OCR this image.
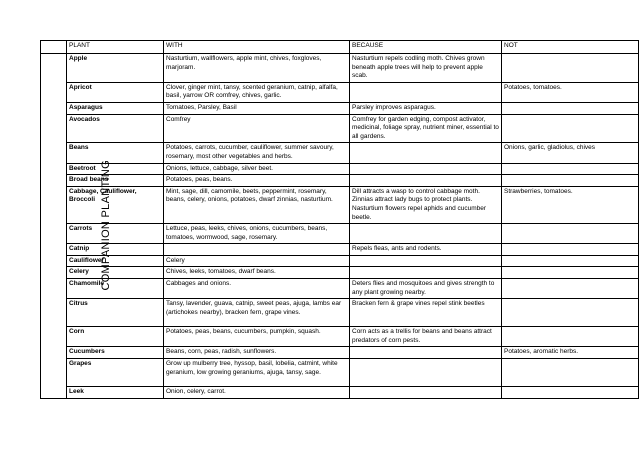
	PLANT	WITH	BECAUSE	NOT
COMPANION PLANTING	Apple	Nasturtium, wallflowers, apple mint, chives, foxgloves, marjoram.	Nasturtium repels codling moth. Chives grown beneath apple trees will help to prevent apple scab.	
	Apricot	Clover, ginger mint, tansy, scented geranium, catnip, alfalfa, basil, yarrow OR comfrey, chives, garlic.		Potatoes, tomatoes.
	Asparagus	Tomatoes, Parsley, Basil	Parsley improves asparagus.	
	Avocados	Comfrey	Comfrey for garden edging, compost activator, medicinal, foliage spray, nutrient miner, essential to all gardens.	
	Beans	Potatoes, carrots, cucumber, cauliflower, summer savoury, rosemary, most other vegetables and herbs.		Onions, garlic, gladiolus, chives
	Beetroot	Onions, lettuce, cabbage, silver beet.		
	Broad beans	Potatoes, peas, beans.		
	Cabbage, Cauliflower, Broccoli	Mint, sage, dill, camomile, beets, peppermint, rosemary, beans, celery, onions, potatoes, dwarf zinnias, nasturtium.	Dill attracts a wasp to control cabbage moth. Zinnias attract lady bugs to protect plants. Nasturtium flowers repel aphids and cucumber beetle.	Strawberries, tomatoes.
	Carrots	Lettuce, peas, leeks, chives, onions, cucumbers, beans, tomatoes, wormwood, sage, rosemary.		
	Catnip		Repels fleas, ants and rodents.	
	Cauliflower	Celery		
	Celery	Chives, leeks, tomatoes, dwarf beans.		
	Chamomile	Cabbages and onions.	Deters flies and mosquitoes and gives strength to any plant growing nearby.	
	Citrus	Tansy, lavender, guava, catnip, sweet peas, ajuga, lambs ear (artichokes nearby), bracken fern, grape vines.	Bracken fern & grape vines repel stink beetles	
	Corn	Potatoes, peas, beans, cucumbers, pumpkin, squash.	Corn acts as a trellis for beans and beans attract predators of corn pests.	
	Cucumbers	Beans, corn, peas, radish, sunflowers.		Potatoes, aromatic herbs.
	Grapes	Grow up mulberry tree, hyssop, basil, lobelia, catmint, white geranium, low growing geraniums, ajuga, tansy, sage.		
	Leek	Onion, celery, carrot.		
